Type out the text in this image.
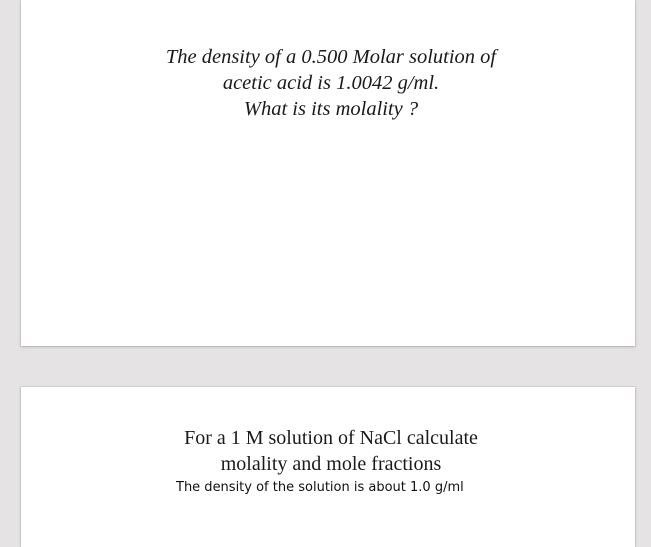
The density of a 0.500 Molar solution of
acetic acid is 1.0042 g/ml.
What is its molality ?
For a 1 M solution of NaCl calculate
molality and mole fractions
The density of the solution is about 1.0 g/ml
